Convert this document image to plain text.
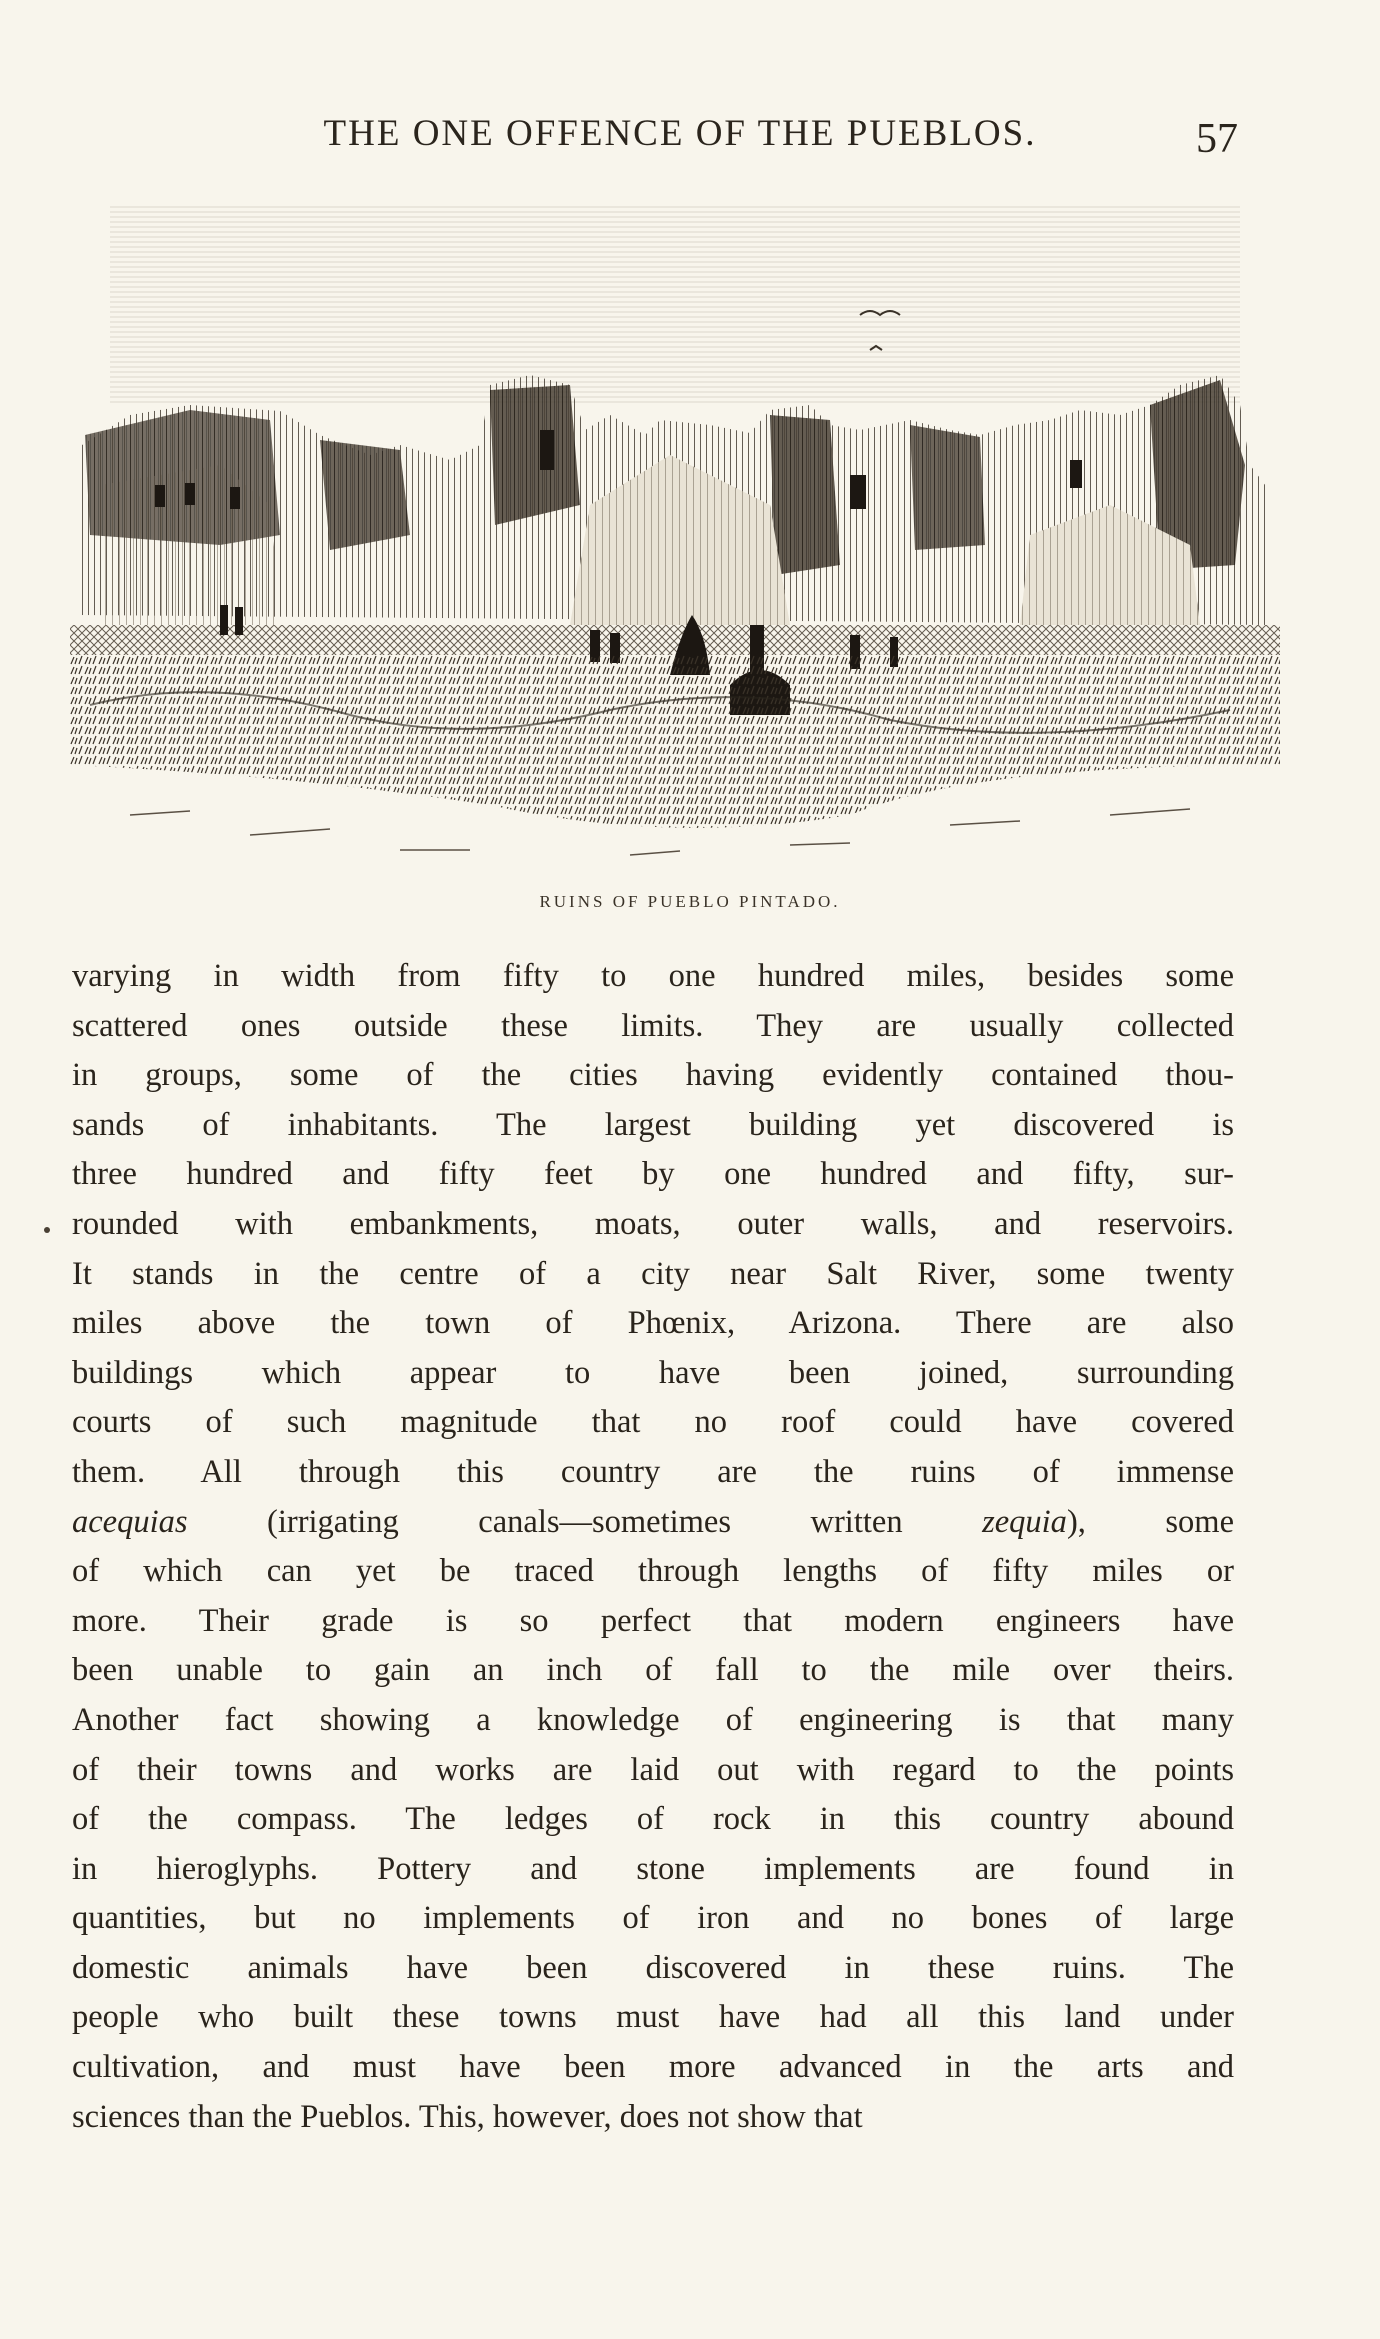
THE ONE OFFENCE OF THE PUEBLOS.	57
RUINS OF PUEBLO PINTADO.
varying in width from fifty to one hundred miles, besides some
scattered ones outside these limits. They are usually collected
in groups, some of the cities having evidently contained thou-
sands of inhabitants. The largest building yet discovered is
three hundred and fifty feet by one hundred and fifty, sur-
rounded with embankments, moats, outer walls, and reservoirs.
It stands in the centre of a city near Salt River, some twenty
miles above the town of Phœnix, Arizona. There are also
buildings which appear to have been joined, surrounding
courts of such magnitude that no roof could have covered
them. All through this country are the ruins of immense
acequias (irrigating canals—sometimes written zequia), some
of which can yet be traced through lengths of fifty miles or
more. Their grade is so perfect that modern engineers have
been unable to gain an inch of fall to the mile over theirs.
Another fact showing a knowledge of engineering is that many
of their towns and works are laid out with regard to the points
of the compass. The ledges of rock in this country abound
in hieroglyphs. Pottery and stone implements are found in
quantities, but no implements of iron and no bones of large
domestic animals have been discovered in these ruins. The
people who built these towns must have had all this land under
cultivation, and must have been more advanced in the arts and
sciences than the Pueblos. This, however, does not show that
